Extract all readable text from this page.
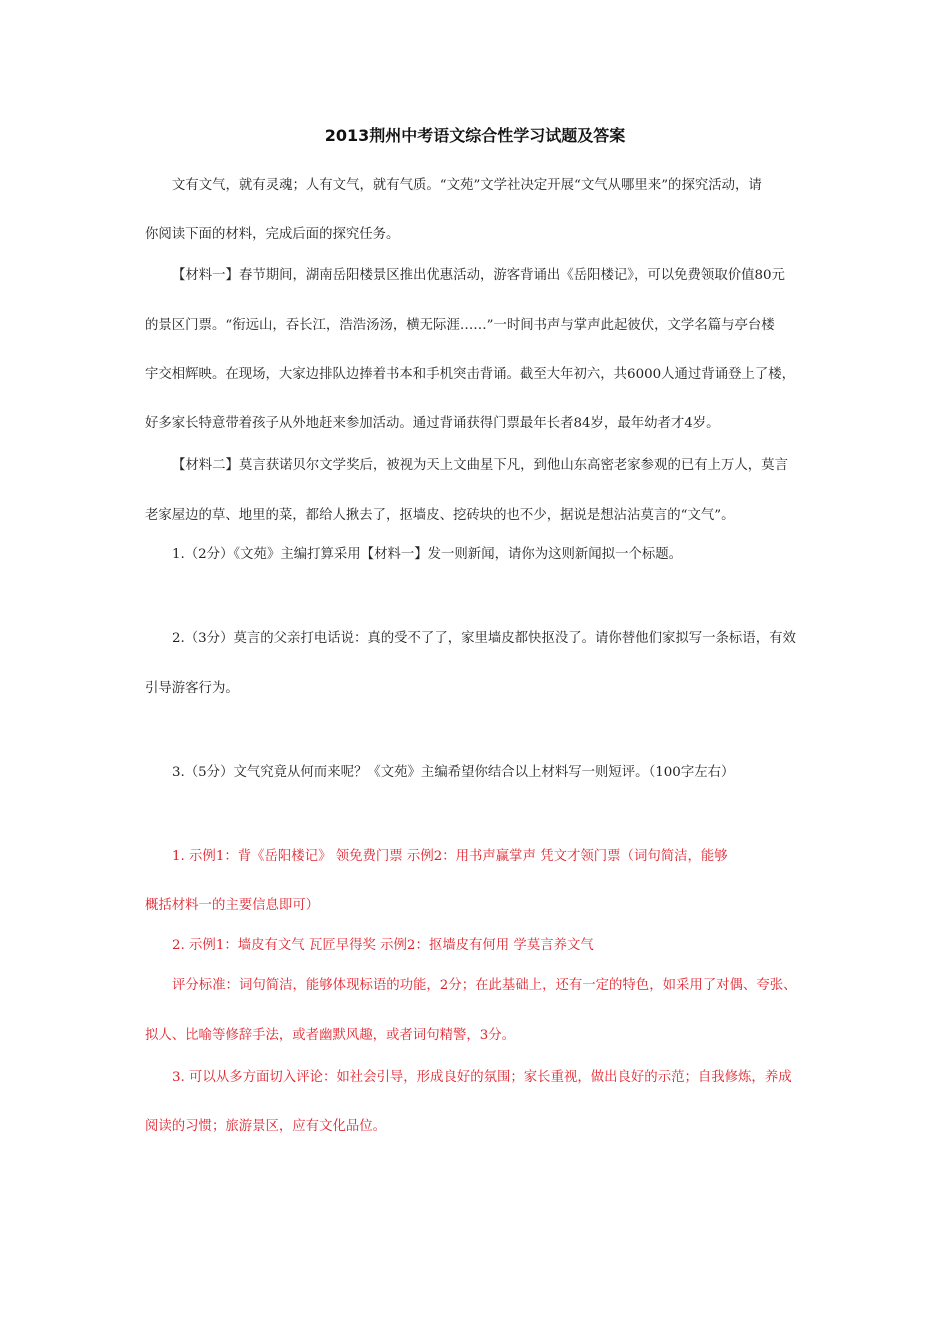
2013荆州中考语文综合性学习试题及答案
文有文气，就有灵魂；人有文气，就有气质。“文苑”文学社决定开展“文气从哪里来”的探究活动，请
你阅读下面的材料，完成后面的探究任务。
【材料一】春节期间，湖南岳阳楼景区推出优惠活动，游客背诵出《岳阳楼记》，可以免费领取价值80元
的景区门票。“衔远山，吞长江，浩浩汤汤，横无际涯……”一时间书声与掌声此起彼伏，文学名篇与亭台楼
宇交相辉映。在现场，大家边排队边捧着书本和手机突击背诵。截至大年初六，共6000人通过背诵登上了楼，
好多家长特意带着孩子从外地赶来参加活动。通过背诵获得门票最年长者84岁，最年幼者才4岁。
【材料二】莫言获诺贝尔文学奖后，被视为天上文曲星下凡，到他山东高密老家参观的已有上万人，莫言
老家屋边的草、地里的菜，都给人揪去了，抠墙皮、挖砖块的也不少，据说是想沾沾莫言的“文气”。
1.（2分）《文苑》主编打算采用【材料一】发一则新闻，请你为这则新闻拟一个标题。
2.（3分）莫言的父亲打电话说：真的受不了了，家里墙皮都快抠没了。请你替他们家拟写一条标语，有效
引导游客行为。
3.（5分）文气究竟从何而来呢？《文苑》主编希望你结合以上材料写一则短评。（100字左右）
1. 示例1：背《岳阳楼记》 领免费门票 示例2：用书声赢掌声 凭文才领门票（词句简洁，能够
概括材料一的主要信息即可）
2. 示例1：墙皮有文气 瓦匠早得奖 示例2：抠墙皮有何用 学莫言养文气
评分标准：词句简洁，能够体现标语的功能，2分；在此基础上，还有一定的特色，如采用了对偶、夸张、
拟人、比喻等修辞手法，或者幽默风趣，或者词句精警，3分。
3. 可以从多方面切入评论：如社会引导，形成良好的氛围；家长重视，做出良好的示范；自我修炼，养成
阅读的习惯；旅游景区，应有文化品位。
